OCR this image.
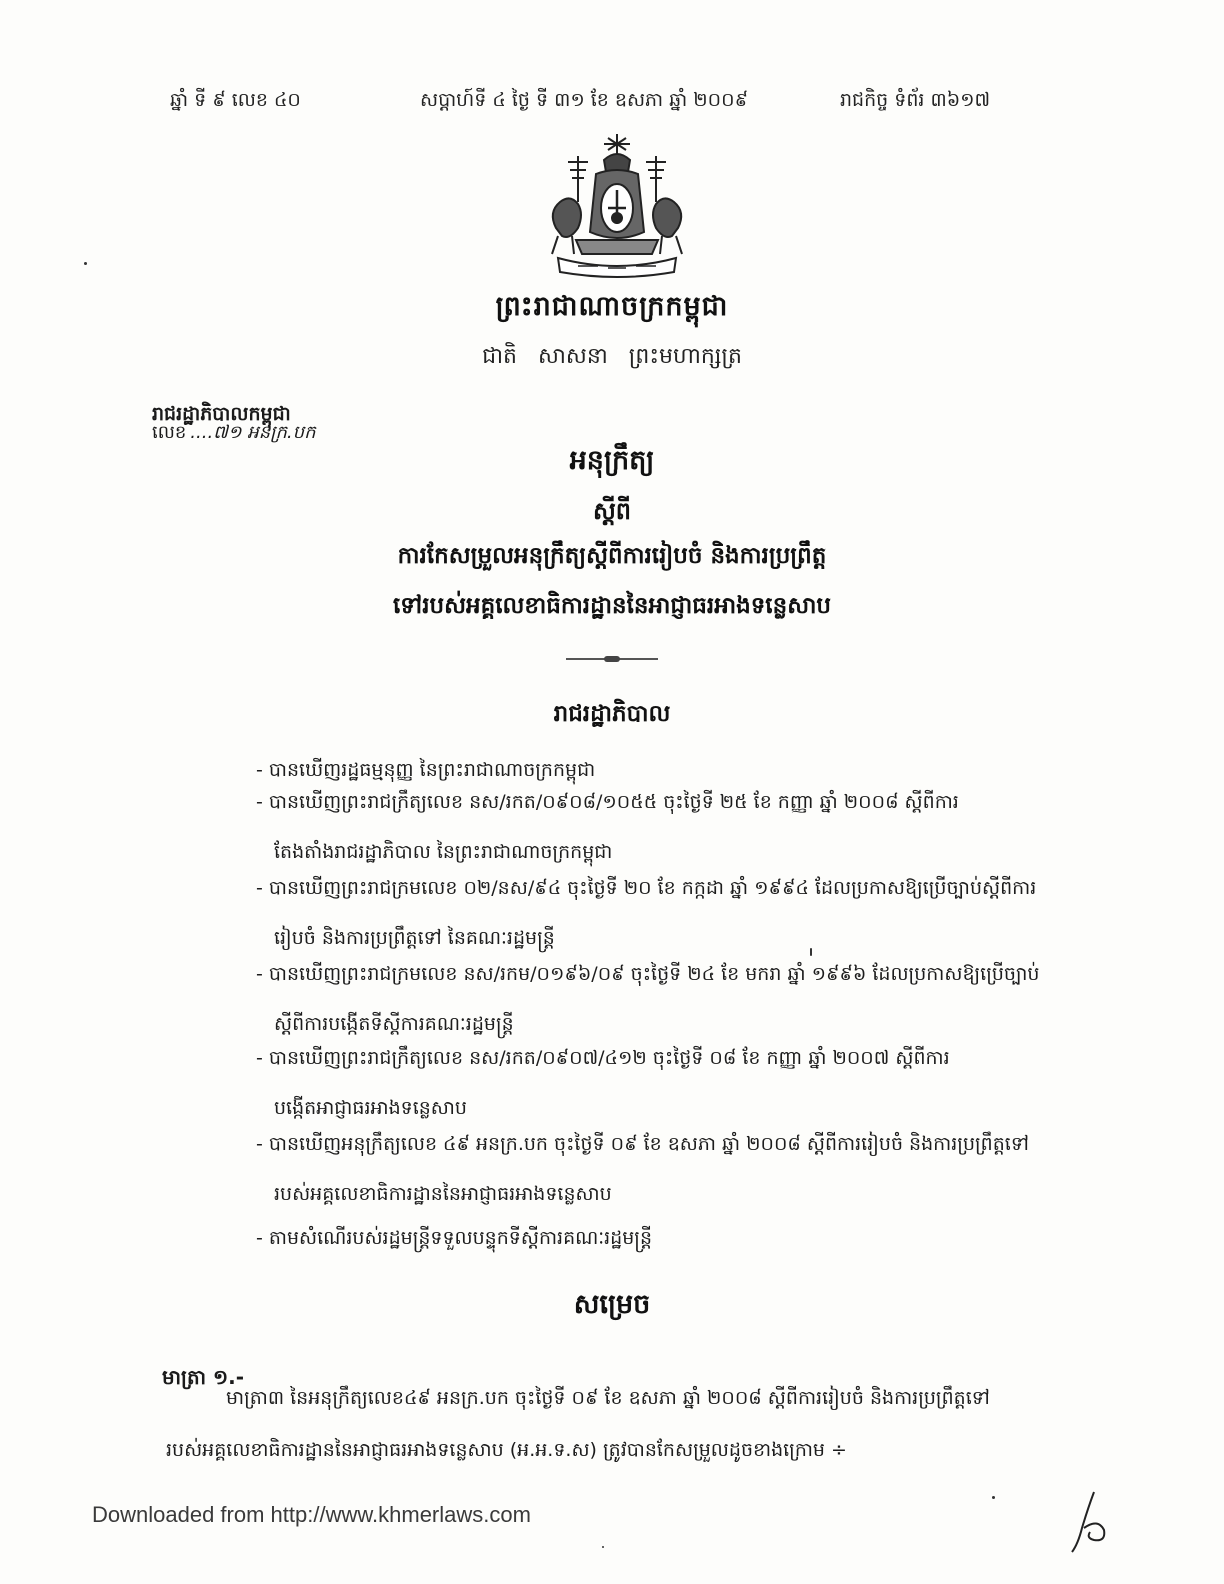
ឆ្នាំ ទី ៩ លេខ ៤០	សប្តាហ៍ទី ៤ ថ្ងៃ ទី ៣១ ខែ ឧសភា ឆ្នាំ ២០០៩	រាជកិច្ច ទំព័រ ៣៦១៧
ព្រះរាជាណាចក្រកម្ពុជា
ជាតិ សាសនា ព្រះមហាក្សត្រ
រាជរដ្ឋាភិបាលកម្ពុជា
លេខ ....៧១ អនក្រ.បក
អនុក្រឹត្យ
ស្តីពី
ការកែសម្រួលអនុក្រឹត្យស្តីពីការរៀបចំ និងការប្រព្រឹត្ត
ទៅរបស់អគ្គលេខាធិការដ្ឋាននៃអាជ្ញាធរអាងទន្លេសាប
រាជរដ្ឋាភិបាល
- បានឃើញរដ្ឋធម្មនុញ្ញ នៃព្រះរាជាណាចក្រកម្ពុជា
- បានឃើញព្រះរាជក្រឹត្យលេខ នស/រកត/០៩០៨/១០៥៥ ចុះថ្ងៃទី ២៥ ខែ កញ្ញា ឆ្នាំ ២០០៨ ស្តីពីការ
តែងតាំងរាជរដ្ឋាភិបាល នៃព្រះរាជាណាចក្រកម្ពុជា
- បានឃើញព្រះរាជក្រមលេខ ០២/នស/៩៤ ចុះថ្ងៃទី ២០ ខែ កក្កដា ឆ្នាំ ១៩៩៤ ដែលប្រកាសឱ្យប្រើច្បាប់ស្តីពីការ
រៀបចំ និងការប្រព្រឹត្តទៅ នៃគណៈរដ្ឋមន្ត្រី
- បានឃើញព្រះរាជក្រមលេខ នស/រកម/០១៩៦/០៩ ចុះថ្ងៃទី ២៤ ខែ មករា ឆ្នាំ ១៩៩៦ ដែលប្រកាសឱ្យប្រើច្បាប់
ស្តីពីការបង្កើតទីស្តីការគណៈរដ្ឋមន្ត្រី
- បានឃើញព្រះរាជក្រឹត្យលេខ នស/រកត/០៩០៧/៤១២ ចុះថ្ងៃទី ០៨ ខែ កញ្ញា ឆ្នាំ ២០០៧ ស្តីពីការ
បង្កើតអាជ្ញាធរអាងទន្លេសាប
- បានឃើញអនុក្រឹត្យលេខ ៤៩ អនក្រ.បក ចុះថ្ងៃទី ០៩ ខែ ឧសភា ឆ្នាំ ២០០៨ ស្តីពីការរៀបចំ និងការប្រព្រឹត្តទៅ
របស់អគ្គលេខាធិការដ្ឋាននៃអាជ្ញាធរអាងទន្លេសាប
- តាមសំណើរបស់រដ្ឋមន្ត្រីទទួលបន្ទុកទីស្តីការគណៈរដ្ឋមន្ត្រី
សម្រេច
មាត្រា ១.-
មាត្រា៣ នៃអនុក្រឹត្យលេខ៤៩ អនក្រ.បក ចុះថ្ងៃទី ០៩ ខែ ឧសភា ឆ្នាំ ២០០៨ ស្តីពីការរៀបចំ និងការប្រព្រឹត្តទៅ
របស់អគ្គលេខាធិការដ្ឋាននៃអាជ្ញាធរអាងទន្លេសាប (អ.អ.ទ.ស) ត្រូវបានកែសម្រួលដូចខាងក្រោម ÷
Downloaded from http://www.khmerlaws.com
